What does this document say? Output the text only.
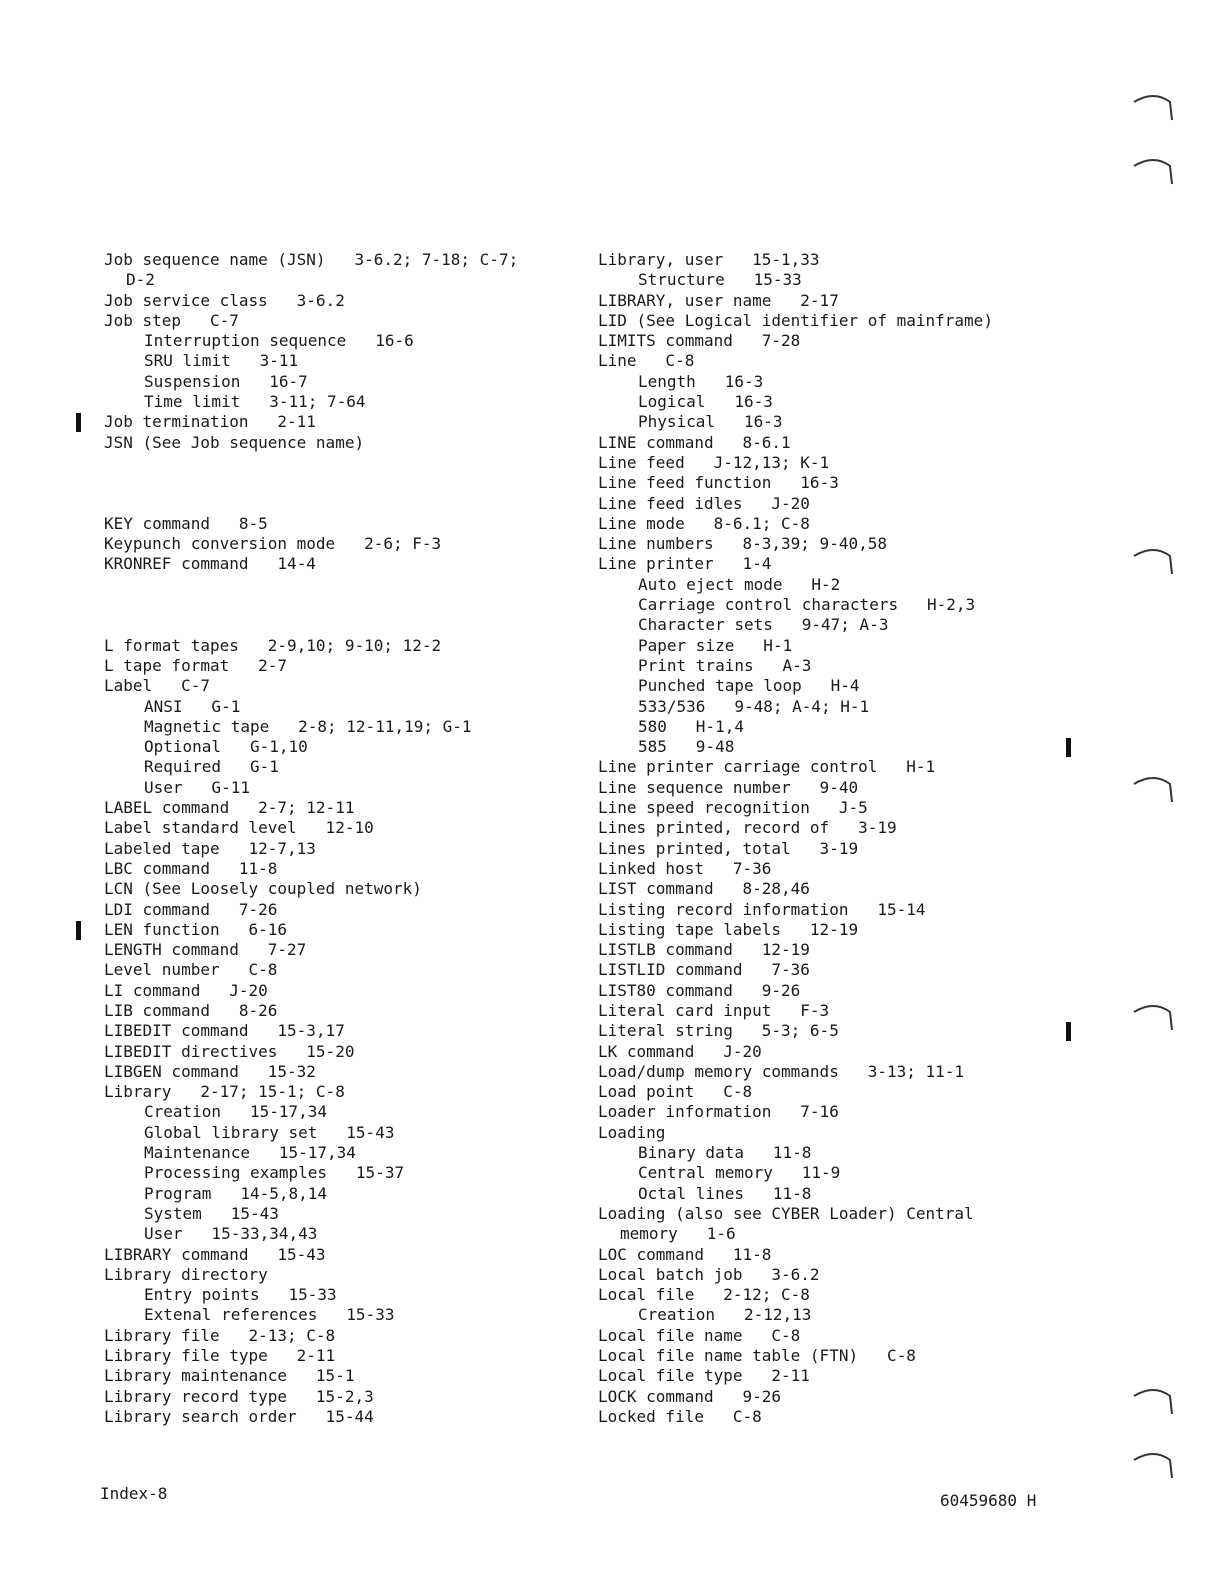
Job sequence name (JSN)   3-6.2; 7-18; C-7;
D-2
Job service class   3-6.2
Job step   C-7
Interruption sequence   16-6
SRU limit   3-11
Suspension   16-7
Time limit   3-11; 7-64
Job termination   2-11
JSN (See Job sequence name)
KEY command   8-5
Keypunch conversion mode   2-6; F-3
KRONREF command   14-4
L format tapes   2-9,10; 9-10; 12-2
L tape format   2-7
Label   C-7
ANSI   G-1
Magnetic tape   2-8; 12-11,19; G-1
Optional   G-1,10
Required   G-1
User   G-11
LABEL command   2-7; 12-11
Label standard level   12-10
Labeled tape   12-7,13
LBC command   11-8
LCN (See Loosely coupled network)
LDI command   7-26
LEN function   6-16
LENGTH command   7-27
Level number   C-8
LI command   J-20
LIB command   8-26
LIBEDIT command   15-3,17
LIBEDIT directives   15-20
LIBGEN command   15-32
Library   2-17; 15-1; C-8
Creation   15-17,34
Global library set   15-43
Maintenance   15-17,34
Processing examples   15-37
Program   14-5,8,14
System   15-43
User   15-33,34,43
LIBRARY command   15-43
Library directory
Entry points   15-33
Extenal references   15-33
Library file   2-13; C-8
Library file type   2-11
Library maintenance   15-1
Library record type   15-2,3
Library search order   15-44
Library, user   15-1,33
Structure   15-33
LIBRARY, user name   2-17
LID (See Logical identifier of mainframe)
LIMITS command   7-28
Line   C-8
Length   16-3
Logical   16-3
Physical   16-3
LINE command   8-6.1
Line feed   J-12,13; K-1
Line feed function   16-3
Line feed idles   J-20
Line mode   8-6.1; C-8
Line numbers   8-3,39; 9-40,58
Line printer   1-4
Auto eject mode   H-2
Carriage control characters   H-2,3
Character sets   9-47; A-3
Paper size   H-1
Print trains   A-3
Punched tape loop   H-4
533/536   9-48; A-4; H-1
580   H-1,4
585   9-48
Line printer carriage control   H-1
Line sequence number   9-40
Line speed recognition   J-5
Lines printed, record of   3-19
Lines printed, total   3-19
Linked host   7-36
LIST command   8-28,46
Listing record information   15-14
Listing tape labels   12-19
LISTLB command   12-19
LISTLID command   7-36
LIST80 command   9-26
Literal card input   F-3
Literal string   5-3; 6-5
LK command   J-20
Load/dump memory commands   3-13; 11-1
Load point   C-8
Loader information   7-16
Loading
Binary data   11-8
Central memory   11-9
Octal lines   11-8
Loading (also see CYBER Loader) Central
memory   1-6
LOC command   11-8
Local batch job   3-6.2
Local file   2-12; C-8
Creation   2-12,13
Local file name   C-8
Local file name table (FTN)   C-8
Local file type   2-11
LOCK command   9-26
Locked file   C-8
Index-8	60459680 H
